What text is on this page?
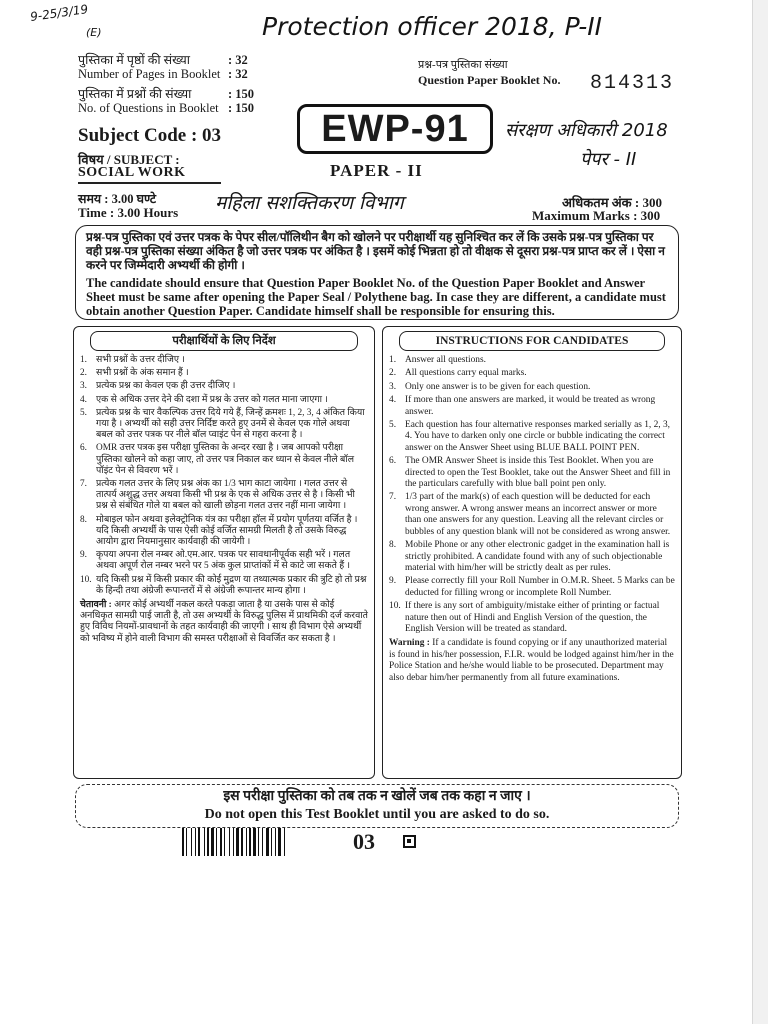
9-25/3/19
(E)	Protection officer 2018, P-II
संरक्षण अधिकारी 2018
पेपर - II
महिला सशक्तिकरण विभाग
पुस्तिका में पृष्ठों की संख्या
Number of Pages in Booklet
: 32
: 32
पुस्तिका में प्रश्नों की संख्या
No. of Questions in Booklet
: 150
: 150
प्रश्न-पत्र पुस्तिका संख्या
Question Paper Booklet No. 814313
EWP-91
PAPER - II
Subject Code : 03
विषय / SUBJECT :
SOCIAL WORK
समय : 3.00 घण्टे
Time : 3.00 Hours
अधिकतम अंक : 300
Maximum Marks : 300

प्रश्न-पत्र पुस्तिका एवं उत्तर पत्रक के पेपर सील/पॉलिथीन बैग को खोलने पर परीक्षार्थी यह सुनिश्चित कर लें कि उसके प्रश्न-पत्र पुस्तिका पर वही प्रश्न-पत्र पुस्तिका संख्या अंकित है जो उत्तर पत्रक पर अंकित है । इसमें कोई भिन्नता हो तो वीक्षक से दूसरा प्रश्न-पत्र प्राप्त कर लें । ऐसा न करने पर जिम्मेदारी अभ्यर्थी की होगी ।

The candidate should ensure that Question Paper Booklet No. of the Question Paper Booklet and Answer Sheet must be same after opening the Paper Seal / Polythene bag. In case they are different, a candidate must obtain another Question Paper. Candidate himself shall be responsible for ensuring this.

परीक्षार्थियों के लिए निर्देश
1. सभी प्रश्नों के उत्तर दीजिए ।
2. सभी प्रश्नों के अंक समान हैं ।
3. प्रत्येक प्रश्न का केवल एक ही उत्तर दीजिए ।
4. एक से अधिक उत्तर देने की दशा में प्रश्न के उत्तर को गलत माना जाएगा ।
5. प्रत्येक प्रश्न के चार वैकल्पिक उत्तर दिये गये हैं, जिन्हें क्रमशः 1, 2, 3, 4 अंकित किया गया है । अभ्यर्थी को सही उत्तर निर्दिष्ट करते हुए उनमें से केवल एक गोले अथवा बबल को उत्तर पत्रक पर नीले बॉल प्वाइंट पेन से गहरा करना है ।
6. OMR उत्तर पत्रक इस परीक्षा पुस्तिका के अन्दर रखा है । जब आपको परीक्षा पुस्तिका खोलने को कहा जाए, तो उत्तर पत्र निकाल कर ध्यान से केवल नीले बॉल पॉइंट पेन से विवरण भरें ।
7. प्रत्येक गलत उत्तर के लिए प्रश्न अंक का 1/3 भाग काटा जायेगा । गलत उत्तर से तात्पर्य अशुद्ध उत्तर अथवा किसी भी प्रश्न के एक से अधिक उत्तर से है । किसी भी प्रश्न से संबंधित गोले या बबल को खाली छोड़ना गलत उत्तर नहीं माना जायेगा ।
8. मोबाइल फोन अथवा इलेक्ट्रोनिक यंत्र का परीक्षा हॉल में प्रयोग पूर्णतया वर्जित है । यदि किसी अभ्यर्थी के पास ऐसी कोई वर्जित सामग्री मिलती है तो उसके विरुद्ध आयोग द्वारा नियमानुसार कार्यवाही की जायेगी ।
9. कृपया अपना रोल नम्बर ओ.एम.आर. पत्रक पर सावधानीपूर्वक सही भरें । गलत अथवा अपूर्ण रोल नम्बर भरने पर 5 अंक कुल प्राप्तांकों में से काटे जा सकते हैं ।
10. यदि किसी प्रश्न में किसी प्रकार की कोई मुद्रण या तथ्यात्मक प्रकार की त्रुटि हो तो प्रश्न के हिन्दी तथा अंग्रेजी रूपान्तरों में से अंग्रेजी रूपान्तर मान्य होगा ।
चेतावनी : अगर कोई अभ्यर्थी नकल करते पकड़ा जाता है या उसके पास से कोई अनधिकृत सामग्री पाई जाती है, तो उस अभ्यर्थी के विरुद्ध पुलिस में प्राथमिकी दर्ज करवाते हुए विविध नियमों-प्रावधानों के तहत कार्यवाही की जाएगी । साथ ही विभाग ऐसे अभ्यर्थी को भविष्य में होने वाली विभाग की समस्त परीक्षाओं से विवर्जित कर सकता है ।
INSTRUCTIONS FOR CANDIDATES
1. Answer all questions.
2. All questions carry equal marks.
3. Only one answer is to be given for each question.
4. If more than one answers are marked, it would be treated as wrong answer.
5. Each question has four alternative responses marked serially as 1, 2, 3, 4. You have to darken only one circle or bubble indicating the correct answer on the Answer Sheet using BLUE BALL POINT PEN.
6. The OMR Answer Sheet is inside this Test Booklet. When you are directed to open the Test Booklet, take out the Answer Sheet and fill in the particulars carefully with blue ball point pen only.
7. 1/3 part of the mark(s) of each question will be deducted for each wrong answer. A wrong answer means an incorrect answer or more than one answers for any question. Leaving all the relevant circles or bubbles of any question blank will not be considered as wrong answer.
8. Mobile Phone or any other electronic gadget in the examination hall is strictly prohibited. A candidate found with any of such objectionable material with him/her will be strictly dealt as per rules.
9. Please correctly fill your Roll Number in O.M.R. Sheet. 5 Marks can be deducted for filling wrong or incomplete Roll Number.
10. If there is any sort of ambiguity/mistake either of printing or factual nature then out of Hindi and English Version of the question, the English Version will be treated as standard.
Warning : If a candidate is found copying or if any unauthorized material is found in his/her possession, F.I.R. would be lodged against him/her in the Police Station and he/she would liable to be prosecuted. Department may also debar him/her permanently from all future examinations.
इस परीक्षा पुस्तिका को तब तक न खोलें जब तक कहा न जाए ।
Do not open this Test Booklet until you are asked to do so.
03
